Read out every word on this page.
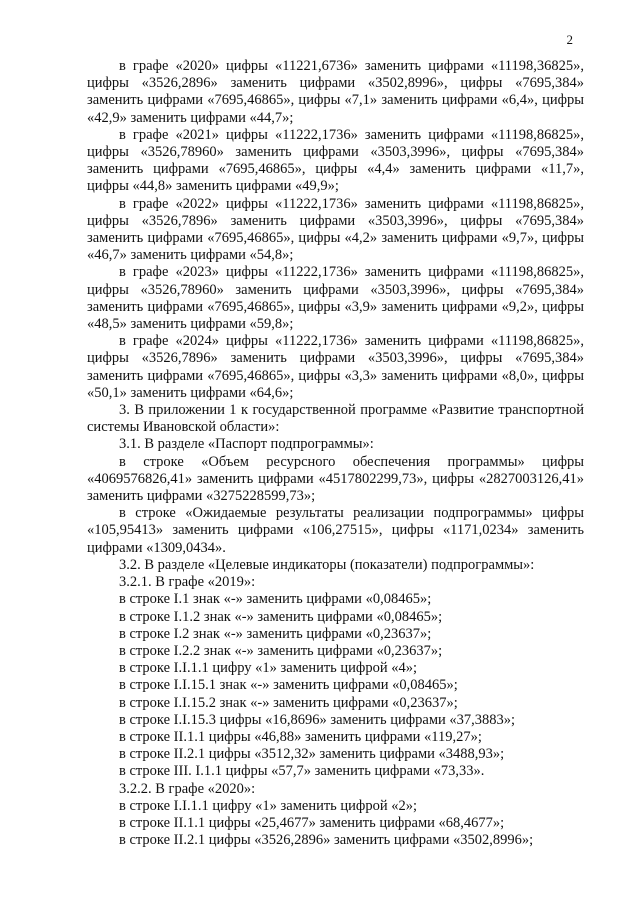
2

в графе «2020» цифры «11221,6736» заменить цифрами «11198,36825», цифры «3526,2896» заменить цифрами «3502,8996», цифры «7695,384» заменить цифрами «7695,46865», цифры «7,1» заменить цифрами «6,4», цифры «42,9» заменить цифрами «44,7»;

в графе «2021» цифры «11222,1736» заменить цифрами «11198,86825», цифры «3526,78960» заменить цифрами «3503,3996», цифры «7695,384» заменить цифрами «7695,46865», цифры «4,4» заменить цифрами «11,7», цифры «44,8» заменить цифрами «49,9»;

в графе «2022» цифры «11222,1736» заменить цифрами «11198,86825», цифры «3526,7896» заменить цифрами «3503,3996», цифры «7695,384» заменить цифрами «7695,46865», цифры «4,2» заменить цифрами «9,7», цифры «46,7» заменить цифрами «54,8»;

в графе «2023» цифры «11222,1736» заменить цифрами «11198,86825», цифры «3526,78960» заменить цифрами «3503,3996», цифры «7695,384» заменить цифрами «7695,46865», цифры «3,9» заменить цифрами «9,2», цифры «48,5» заменить цифрами «59,8»;

в графе «2024» цифры «11222,1736» заменить цифрами «11198,86825», цифры «3526,7896» заменить цифрами «3503,3996», цифры «7695,384» заменить цифрами «7695,46865», цифры «3,3» заменить цифрами «8,0», цифры «50,1» заменить цифрами «64,6»;

3. В приложении 1 к государственной программе «Развитие транспортной системы Ивановской области»:

3.1. В разделе «Паспорт подпрограммы»:

в строке «Объем ресурсного обеспечения программы» цифры «4069576826,41» заменить цифрами «4517802299,73», цифры «2827003126,41» заменить цифрами «3275228599,73»;

в строке «Ожидаемые результаты реализации подпрограммы» цифры «105,95413» заменить цифрами «106,27515», цифры «1171,0234» заменить цифрами «1309,0434».

3.2. В разделе «Целевые индикаторы (показатели) подпрограммы»:

3.2.1. В графе «2019»:

в строке I.1 знак «-» заменить цифрами «0,08465»;

в строке I.1.2 знак «-» заменить цифрами «0,08465»;

в строке I.2 знак «-» заменить цифрами «0,23637»;

в строке I.2.2 знак «-» заменить цифрами «0,23637»;

в строке I.I.1.1 цифру «1» заменить цифрой «4»;

в строке I.I.15.1 знак «-» заменить цифрами «0,08465»;

в строке I.I.15.2 знак «-» заменить цифрами «0,23637»;

в строке I.I.15.3 цифры «16,8696» заменить цифрами «37,3883»;

в строке II.1.1 цифры «46,88» заменить цифрами «119,27»;

в строке II.2.1 цифры «3512,32» заменить цифрами «3488,93»;

в строке III. I.1.1 цифры «57,7» заменить цифрами «73,33».

3.2.2. В графе «2020»:

в строке I.I.1.1 цифру «1» заменить цифрой «2»;

в строке II.1.1 цифры «25,4677» заменить цифрами «68,4677»;

в строке II.2.1 цифры «3526,2896» заменить цифрами «3502,8996»;
